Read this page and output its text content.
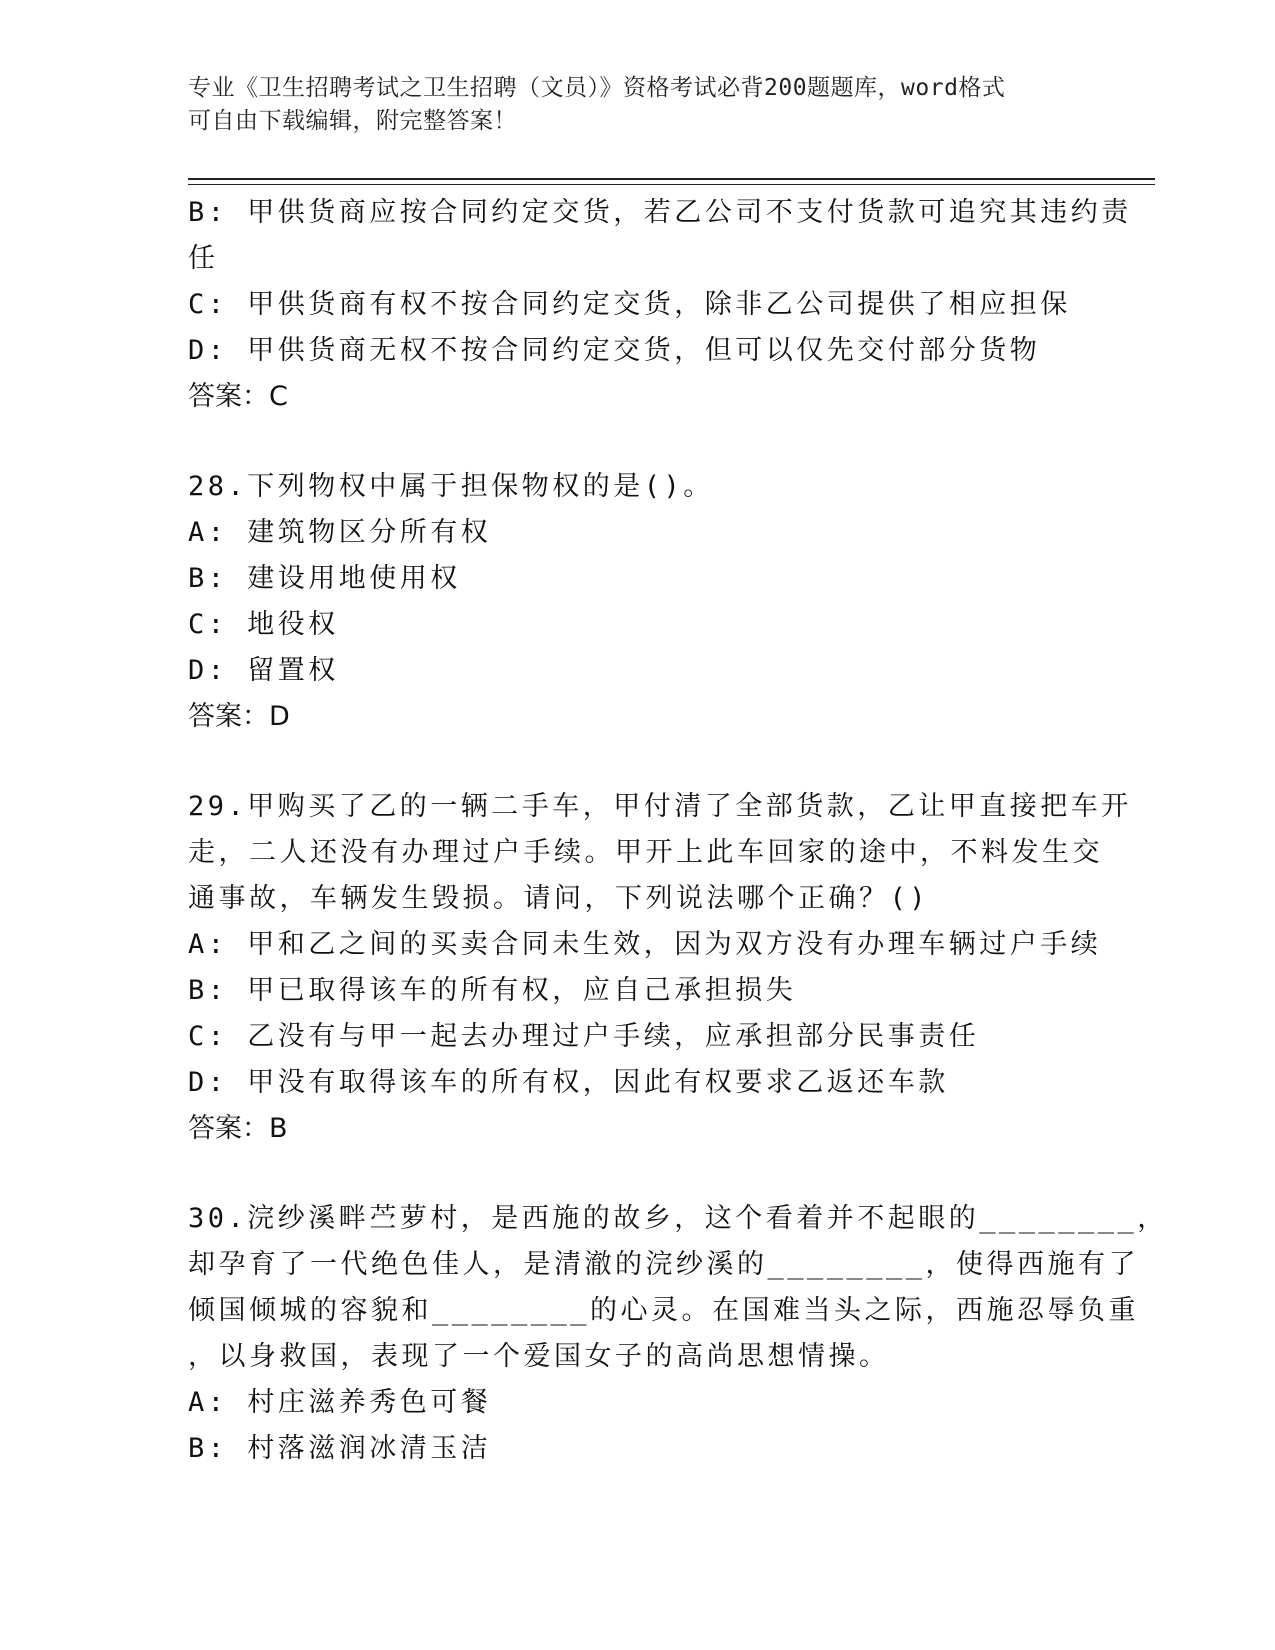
专业《卫生招聘考试之卫生招聘（文员）》资格考试必背200题题库，word格式
可自由下载编辑，附完整答案！
B: 甲供货商应按合同约定交货，若乙公司不支付货款可追究其违约责
任
C: 甲供货商有权不按合同约定交货，除非乙公司提供了相应担保
D: 甲供货商无权不按合同约定交货，但可以仅先交付部分货物
答案：C
28.下列物权中属于担保物权的是()。
A: 建筑物区分所有权
B: 建设用地使用权
C: 地役权
D: 留置权
答案：D
29.甲购买了乙的一辆二手车，甲付清了全部货款，乙让甲直接把车开
走，二人还没有办理过户手续。甲开上此车回家的途中，不料发生交
通事故，车辆发生毁损。请问，下列说法哪个正确？()
A: 甲和乙之间的买卖合同未生效，因为双方没有办理车辆过户手续
B: 甲已取得该车的所有权，应自己承担损失
C: 乙没有与甲一起去办理过户手续，应承担部分民事责任
D: 甲没有取得该车的所有权，因此有权要求乙返还车款
答案：B
30.浣纱溪畔苎萝村，是西施的故乡，这个看着并不起眼的________，
却孕育了一代绝色佳人，是清澈的浣纱溪的________，使得西施有了
倾国倾城的容貌和________的心灵。在国难当头之际，西施忍辱负重
，以身救国，表现了一个爱国女子的高尚思想情操。
A: 村庄滋养秀色可餐
B: 村落滋润冰清玉洁
